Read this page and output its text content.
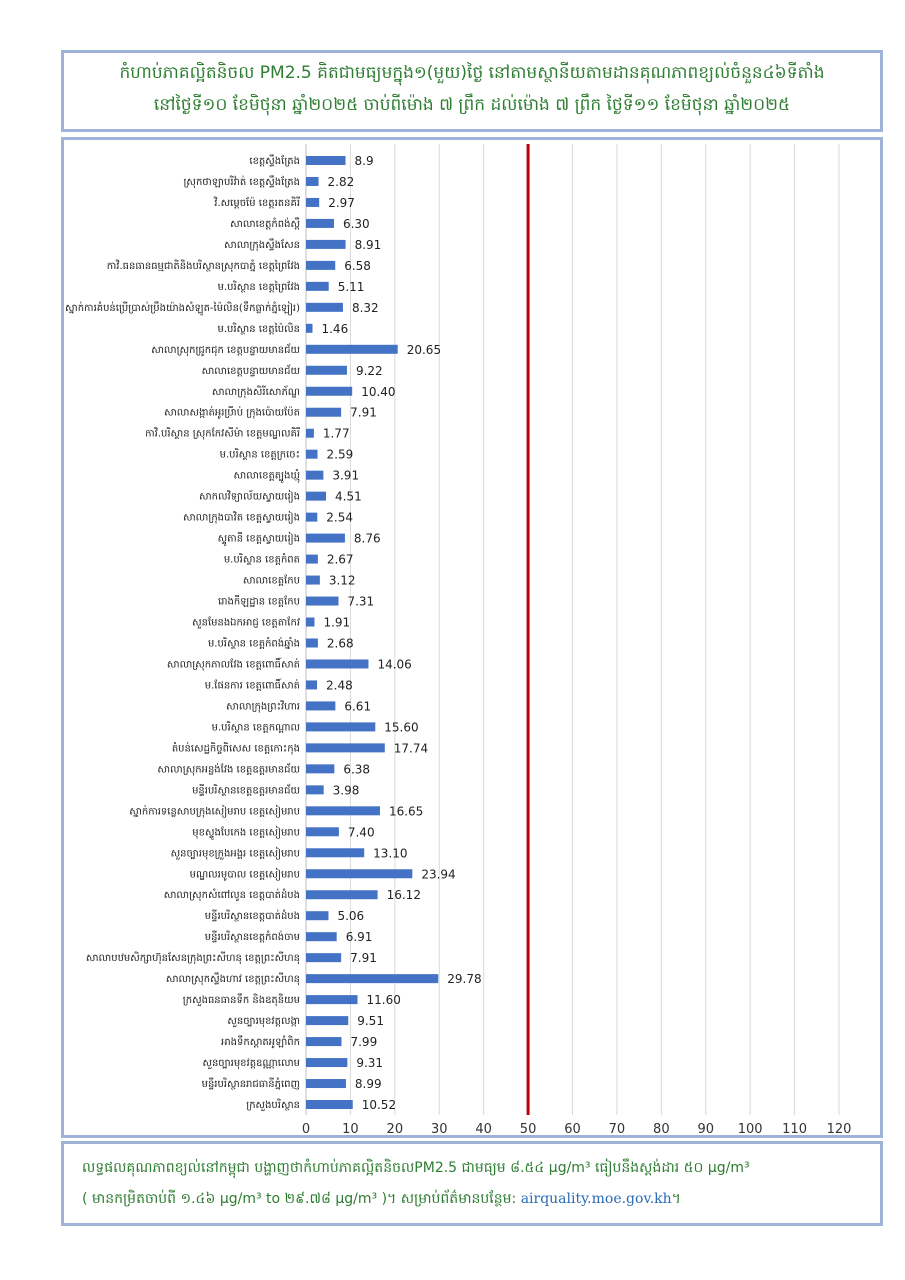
កំហាប់ភាគល្អិតនិចល PM2.5 គិតជាមធ្យមក្នុង១(មួយ)ថ្ងៃ នៅតាមស្ថានីយតាមដានគុណភាពខ្យល់ចំនួន៤៦ទីតាំង
នៅថ្ងៃទី១០ ខែមិថុនា ឆ្នាំ២០២៥ ចាប់ពីម៉ោង ៧ ព្រឹក ដល់ម៉ោង ៧ ព្រឹក ថ្ងៃទី១១ ខែមិថុនា ឆ្នាំ២០២៥
0 10 20 30 40 50 60 70 80 90 100 110 120
ខេត្តស្ទឹងត្រែង	8.9
ស្រុកថាឡាបរិវ៉ាត់ ខេត្តស្ទឹងត្រែង 2.82
វិ.សម្តេចម៉ែ ខេត្តរតនគិរី 2.97
សាលាខេត្តកំពង់ស្ពឺ	6.30
សាលាក្រុងស្ទឹងសែន	8.91
កាវិ.ធនធានធម្មជាតិនិងបរិស្ថានស្រុកបាភ្នំ ខេត្តព្រៃវែង	6.58
ម.បរិស្ថាន ខេត្តព្រៃវែង	5.11
ស្នាក់ការគំបន់ប្រើប្រាស់ប្រឹងយ៉ាងសំឡូត-ម៉ៃលិន(ទឹកធ្លាក់ភ្នំឡៀរ)	8.32
ម.បរិស្ថាន ខេត្តប៉ៃលិន 1.46
សាលាស្រុកជ្រូកជុក ខេត្តបន្ទាយមានជ័យ	20.65
សាលាខេត្តបន្ទាយមានជ័យ	9.22
សាលាក្រុងសិរីសោភ័ណ្ឌ	10.40
សាលាសង្កាត់អូរប្រីាប់ ក្រុងប៉ោយប៉ែត	7.91
កាវិ.បរិស្ថាន ស្រុកកែវសីម៉ា ខេត្តមណ្ឌលគិរី 1.77
ម.បរិស្ថាន ខេត្តក្រចេះ 2.59
សាលាខេត្តត្បូងឃ្មុំ	3.91
សាកលវិទ្យាល័យស្វាយរៀង	4.51
សាលាក្រុងបាវិត ខេត្តស្វាយរៀង 2.54
ស្ទូតានី ខេត្តស្វាយរៀង	8.76
ម.បរិស្ថាន ខេត្តកំពត 2.67
សាលាខេត្តកែប 3.12
រោងកីឡដ្ឋាន ខេត្តកែប	7.31
សួនមែនងឯកអាជ្ញ ខេត្តតាកែវ 1.91
ម.បរិស្ថាន ខេត្តកំពង់ឆ្នាំង 2.68
សាលាស្រុកភាលវែង ខេត្តពោធិ៍សាត់	14.06
ម.ផែនការ ខេត្តពោធិ៍សាត់ 2.48
សាលាក្រុងព្រះវិហារ	6.61
ម.បរិស្ថាន ខេត្តកណ្តាល	15.60
តំបន់សេដ្ឋកិច្ចពិសេស ខេត្តកោះកុង	17.74
សាលាស្រុកអន្លង់វែង ខេត្តឧត្តរមានជ័យ	6.38
មន្ទីរបរិស្ថានខេត្តឧត្តរមានជ័យ	3.98
ស្នាក់ការទន្លេសាបក្រុងសៀមរាប ខេត្តសៀមរាប	16.65
មុខស្ទូងបែកេង ខេត្តសៀមរាប	7.40
សួនច្បារមុខក្រួងអង្គរ ខេត្តសៀមរាប	13.10
មណ្ឌលរមូបាល ខេត្តសៀមរាប	23.94
សាលាស្រុកសំពៅលូន ខេត្តបាត់ដំបង	16.12
មន្ទីរបរិស្ថានខេត្តបាត់ដំបង	5.06
មន្ទីរបរិស្ថានខេត្តកំពង់ចាម	6.91
សាលាបឋមសិក្សាហ៊ុនសែនក្រុងព្រះសីហនុ ខេត្តព្រះសីហនុ	7.91
សាលាស្រុកស្ទឹងហាវ ខេត្តព្រះសីហនុ	29.78
ក្រសួងធនធានទឹក និងឧតុនិយម	11.60
សួនច្បារមុខវត្តលង្កា	9.51
អាងទឹកស្តាតអូឡាំពិក	7.99
សួនច្បារមុខវត្តឧណ្ណាលោម	9.31
មន្ទីរបរិស្ថានរាជធានីភ្នំពេញ	8.99
ក្រសួងបរិស្ថាន	10.52
លទ្ធផលគុណភាពខ្យល់នៅកម្ពុជា បង្ហាញថាកំហាប់ភាគល្អិតនិចលPM2.5 ជាមធ្យម ៨.៥៤ µg/m³ ធៀបនឹងស្តង់ដារ ៥០ µg/m³
( មានកម្រិតចាប់ពី ១.៤៦ µg/m³ to ២៩.៧៨ µg/m³ )។ សម្រាប់ព័ត៌មានបន្ថែម: airquality.moe.gov.kh។
